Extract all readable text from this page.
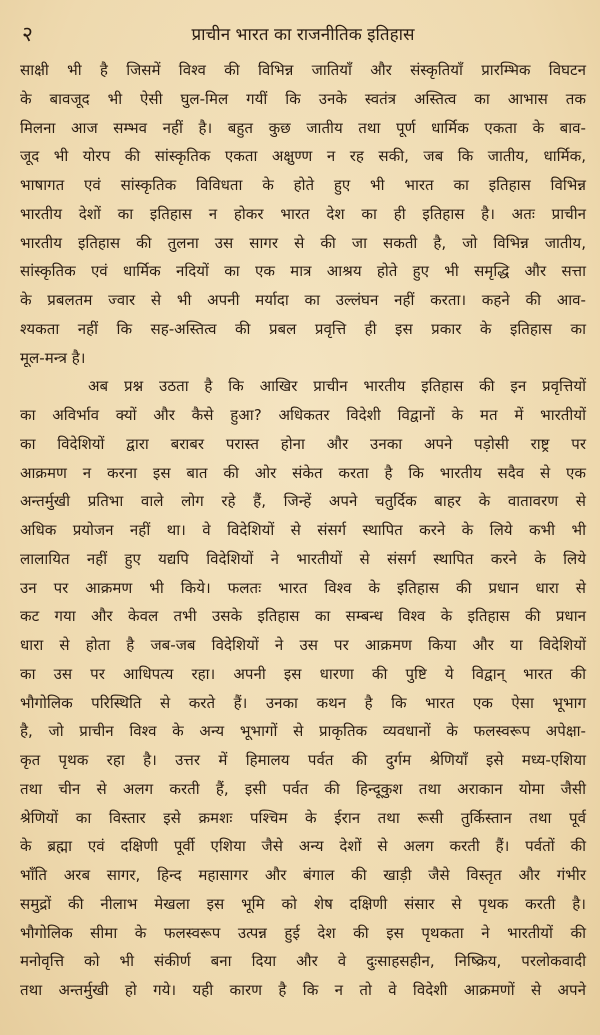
२	प्राचीन भारत का राजनीतिक इतिहास
साक्षी भी है जिसमें विश्व की विभिन्न जातियाँ और संस्कृतियाँ प्रारम्भिक विघटन
के बावजूद भी ऐसी घुल-मिल गयीं कि उनके स्वतंत्र अस्तित्व का आभास तक
मिलना आज सम्भव नहीं है। बहुत कुछ जातीय तथा पूर्ण धार्मिक एकता के बाव-
जूद भी योरप की सांस्कृतिक एकता अक्षुण्ण न रह सकी, जब कि जातीय, धार्मिक,
भाषागत एवं सांस्कृतिक विविधता के होते हुए भी भारत का इतिहास विभिन्न
भारतीय देशों का इतिहास न होकर भारत देश का ही इतिहास है। अतः प्राचीन
भारतीय इतिहास की तुलना उस सागर से की जा सकती है, जो विभिन्न जातीय,
सांस्कृतिक एवं धार्मिक नदियों का एक मात्र आश्रय होते हुए भी समृद्धि और सत्ता
के प्रबलतम ज्वार से भी अपनी मर्यादा का उल्लंघन नहीं करता। कहने की आव-
श्यकता नहीं कि सह-अस्तित्व की प्रबल प्रवृत्ति ही इस प्रकार के इतिहास का
मूल-मन्त्र है।
अब प्रश्न उठता है कि आखिर प्राचीन भारतीय इतिहास की इन प्रवृत्तियों
का अविर्भाव क्यों और कैसे हुआ? अधिकतर विदेशी विद्वानों के मत में भारतीयों
का विदेशियों द्वारा बराबर परास्त होना और उनका अपने पड़ोसी राष्ट्र पर
आक्रमण न करना इस बात की ओर संकेत करता है कि भारतीय सदैव से एक
अन्तर्मुखी प्रतिभा वाले लोग रहे हैं, जिन्हें अपने चतुर्दिक बाहर के वातावरण से
अधिक प्रयोजन नहीं था। वे विदेशियों से संसर्ग स्थापित करने के लिये कभी भी
लालायित नहीं हुए यद्यपि विदेशियों ने भारतीयों से संसर्ग स्थापित करने के लिये
उन पर आक्रमण भी किये। फलतः भारत विश्व के इतिहास की प्रधान धारा से
कट गया और केवल तभी उसके इतिहास का सम्बन्ध विश्व के इतिहास की प्रधान
धारा से होता है जब-जब विदेशियों ने उस पर आक्रमण किया और या विदेशियों
का उस पर आधिपत्य रहा। अपनी इस धारणा की पुष्टि ये विद्वान् भारत की
भौगोलिक परिस्थिति से करते हैं। उनका कथन है कि भारत एक ऐसा भूभाग
है, जो प्राचीन विश्व के अन्य भूभागों से प्राकृतिक व्यवधानों के फलस्वरूप अपेक्षा-
कृत पृथक रहा है। उत्तर में हिमालय पर्वत की दुर्गम श्रेणियाँ इसे मध्य-एशिया
तथा चीन से अलग करती हैं, इसी पर्वत की हिन्दूकुश तथा अराकान योमा जैसी
श्रेणियों का विस्तार इसे क्रमशः पश्चिम के ईरान तथा रूसी तुर्किस्तान तथा पूर्व
के ब्रह्मा एवं दक्षिणी पूर्वी एशिया जैसे अन्य देशों से अलग करती हैं। पर्वतों की
भाँति अरब सागर, हिन्द महासागर और बंगाल की खाड़ी जैसे विस्तृत और गंभीर
समुद्रों की नीलाभ मेखला इस भूमि को शेष दक्षिणी संसार से पृथक करती है।
भौगोलिक सीमा के फलस्वरूप उत्पन्न हुई देश की इस पृथकता ने भारतीयों की
मनोवृत्ति को भी संकीर्ण बना दिया और वे दुःसाहसहीन, निष्क्रिय, परलोकवादी
तथा अन्तर्मुखी हो गये। यही कारण है कि न तो वे विदेशी आक्रमणों से अपने
